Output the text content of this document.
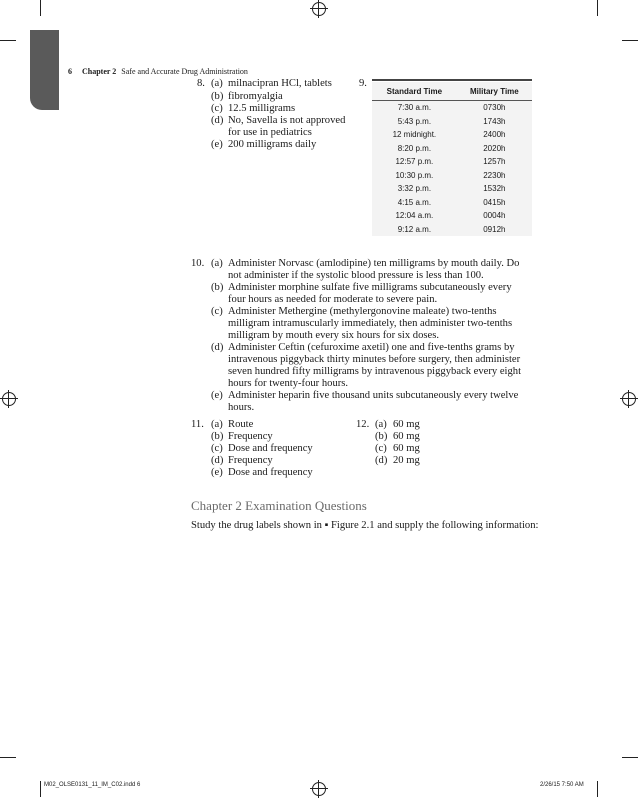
6 Chapter 2 Safe and Accurate Drug Administration
8. (a) milnacipran HCl, tablets
(b) fibromyalgia
(c) 12.5 milligrams
(d) No, Savella is not approved
for use in pediatrics
(e) 200 milligrams daily
9.
Standard Time	Military Time
7:30 a.m.	0730h
5:43 p.m.	1743h
12 midnight.	2400h
8:20 p.m.	2020h
12:57 p.m.	1257h
10:30 p.m.	2230h
3:32 p.m.	1532h
4:15 a.m.	0415h
12:04 a.m.	0004h
9:12 a.m.	0912h
10. (a) Administer Norvasc (amlodipine) ten milligrams by mouth daily. Do
not administer if the systolic blood pressure is less than 100.
(b) Administer morphine sulfate five milligrams subcutaneously every
four hours as needed for moderate to severe pain.
(c) Administer Methergine (methylergonovine maleate) two-tenths
milligram intramuscularly immediately, then administer two-tenths
milligram by mouth every six hours for six doses.
(d) Administer Ceftin (cefuroxime axetil) one and five-tenths grams by
intravenous piggyback thirty minutes before surgery, then administer
seven hundred fifty milligrams by intravenous piggyback every eight
hours for twenty-four hours.
(e) Administer heparin five thousand units subcutaneously every twelve
hours.
11. (a) Route
(b) Frequency
(c) Dose and frequency
(d) Frequency
(e) Dose and frequency
12. (a) 60 mg
(b) 60 mg
(c) 60 mg
(d) 20 mg
Chapter 2 Examination Questions
Study the drug labels shown in ▪ Figure 2.1 and supply the following information:
M02_OLSE0131_11_IM_C02.indd 6	2/26/15 7:50 AM
